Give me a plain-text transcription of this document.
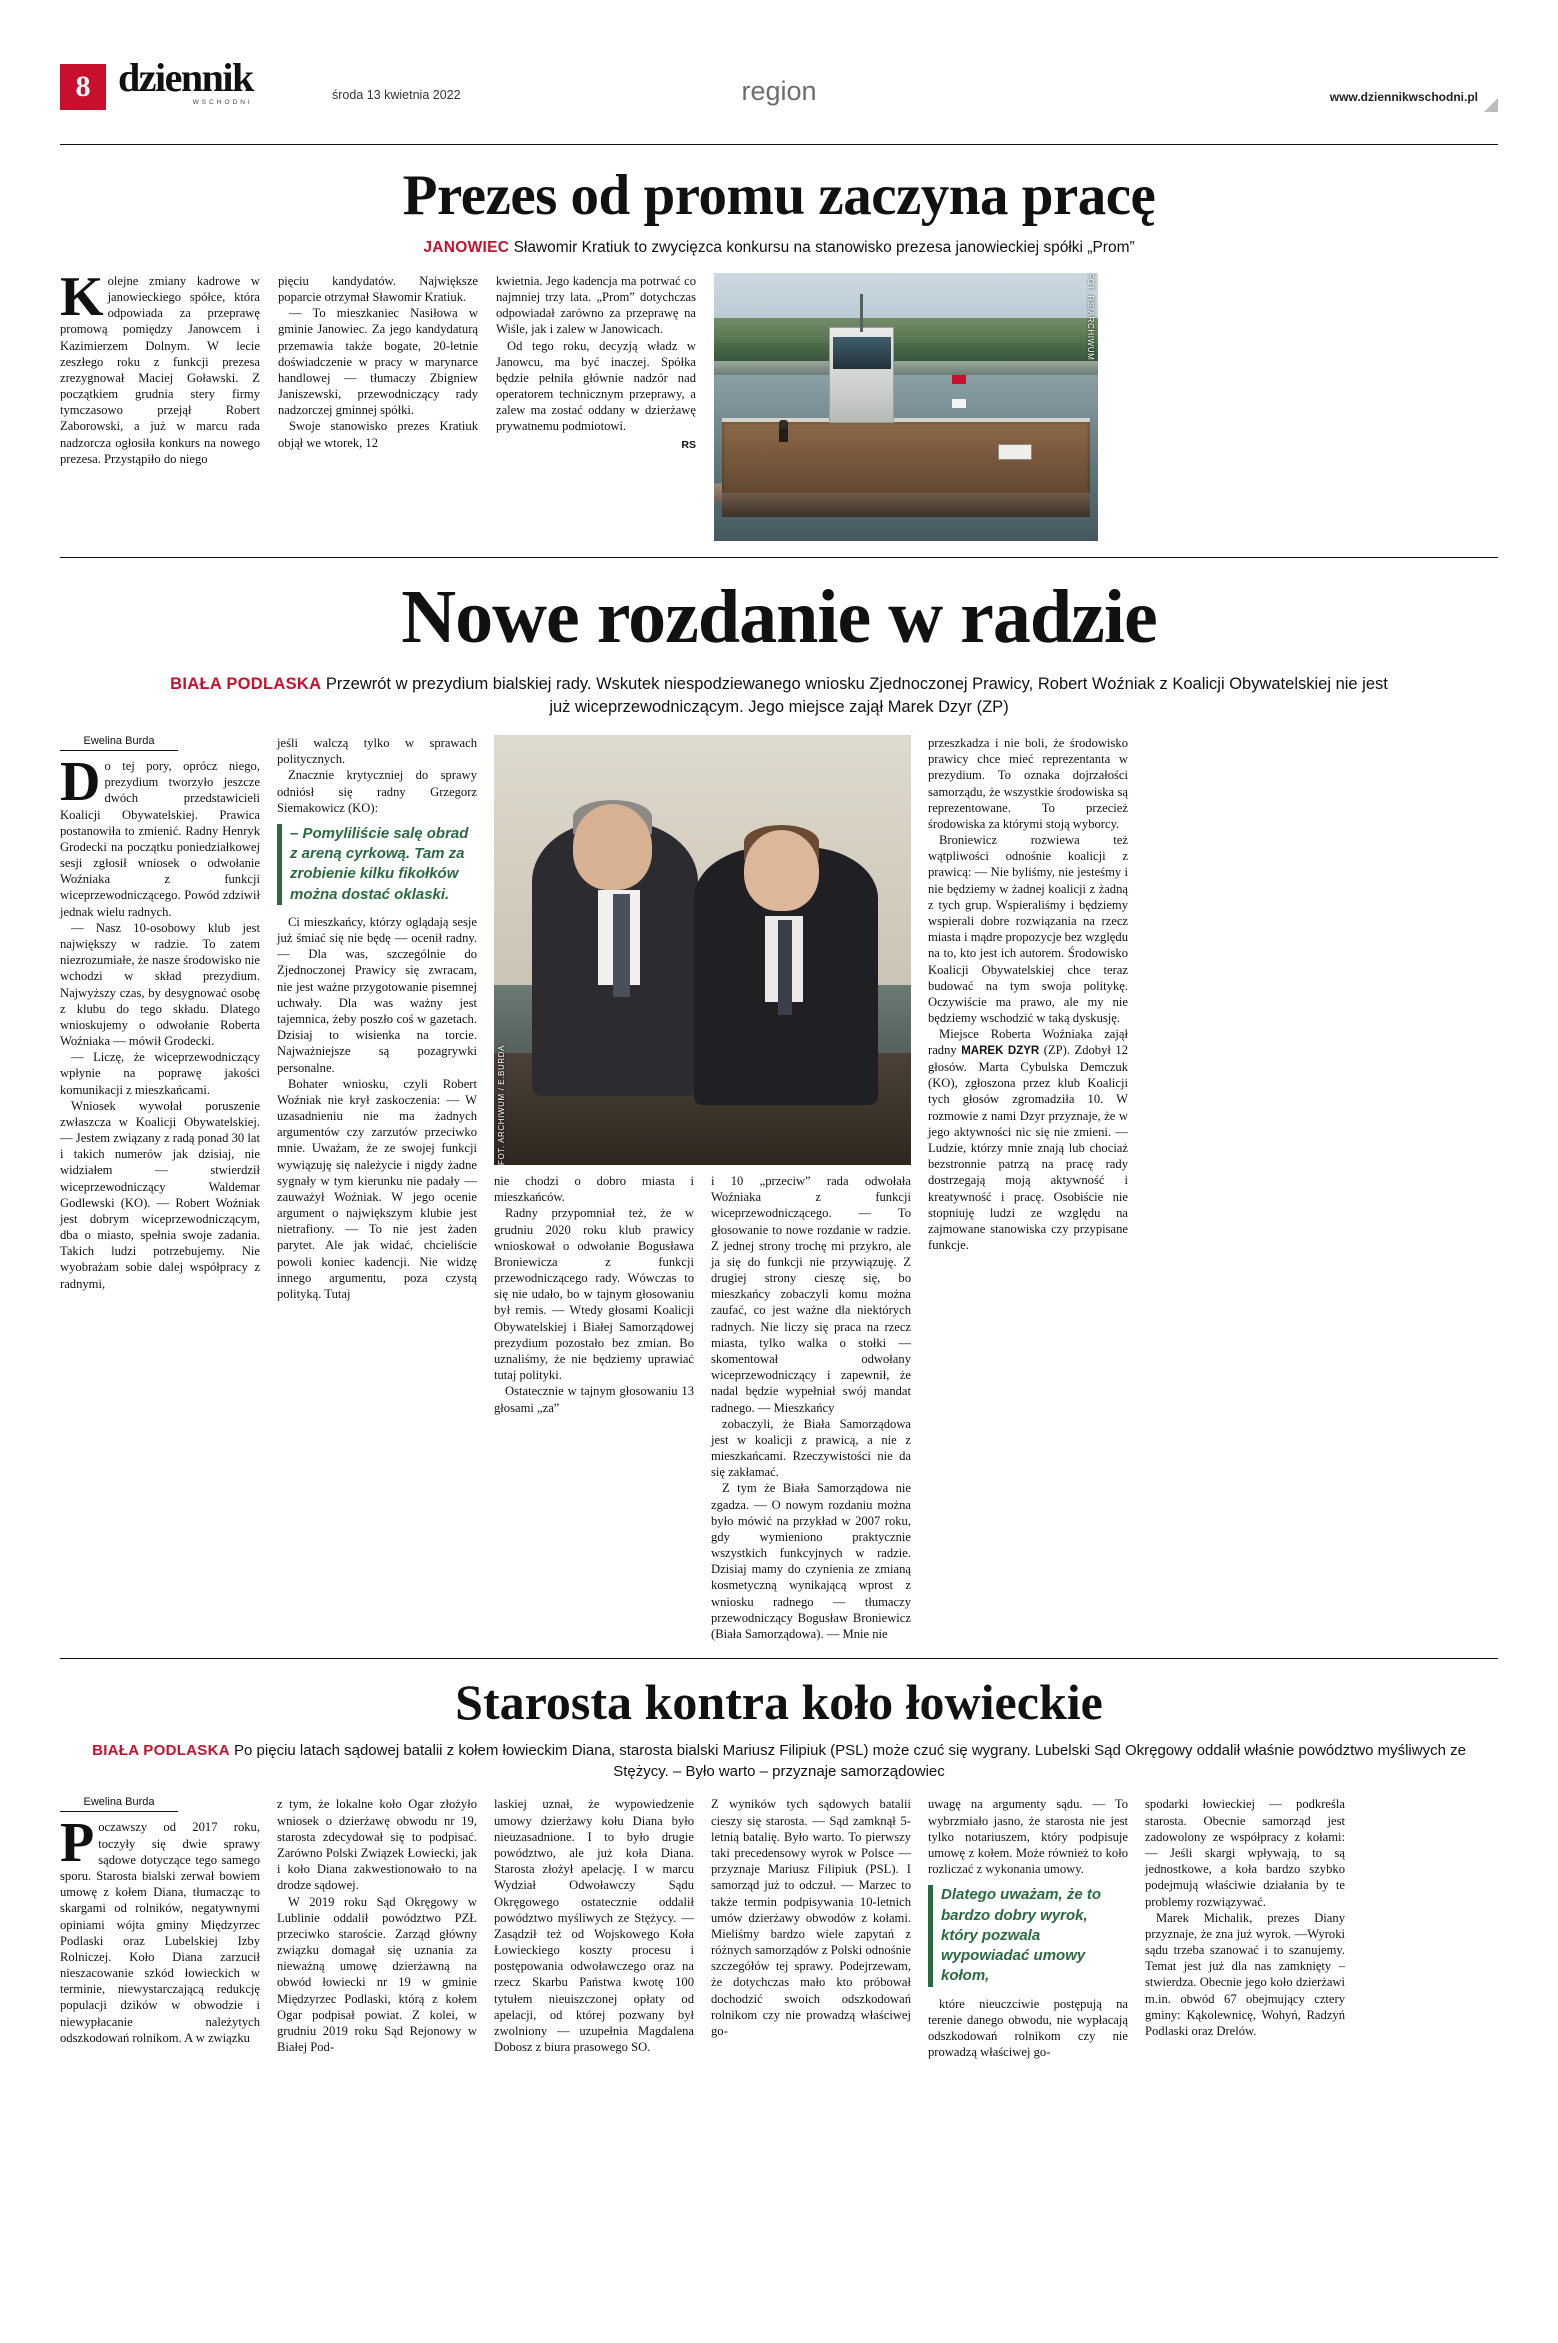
8 dziennik
WSCHODNI
środa 13 kwietnia 2022	region	www.dziennikwschodni.pl
Prezes od promu zaczyna pracę
JANOWIEC Sławomir Kratiuk to zwycięzca konkursu na stanowisko prezesa janowieckiej spółki „Prom”

Kolejne zmiany kadrowe w janowieckiego spółce, która odpowiada za przeprawę promową pomiędzy Janowcem i Kazimierzem Dolnym. W lecie zeszłego roku z funkcji prezesa zrezygnował Maciej Goławski. Z początkiem grudnia stery firmy tymczasowo przejął Robert Zaborowski, a już w marcu rada nadzorcza ogłosiła konkurs na nowego prezesa. Przystąpiło do niego

pięciu kandydatów. Największe poparcie otrzymał Sławomir Kratiuk.

— To mieszkaniec Nasiłowa w gminie Janowiec. Za jego kandydaturą przemawia także bogate, 20-letnie doświadczenie w pracy w marynarce handlowej — tłumaczy Zbigniew Janiszewski, przewodniczący rady nadzorczej gminnej spółki.

Swoje stanowisko prezes Kratiuk objął we wtorek, 12

kwietnia. Jego kadencja ma potrwać co najmniej trzy lata. „Prom” dotychczas odpowiadał zarówno za przeprawę na Wiśle, jak i zalew w Janowicach.

Od tego roku, decyzją władz w Janowcu, ma być inaczej. Spółka będzie pełniła głównie nadzór nad operatorem technicznym przeprawy, a zalew ma zostać oddany w dzierżawę prywatnemu podmiotowi.

RS
FOT. RS/ARCHIWUM
Nowe rozdanie w radzie
BIAŁA PODLASKA Przewrót w prezydium bialskiej rady. Wskutek niespodziewanego wniosku Zjednoczonej Prawicy, Robert Woźniak z Koalicji Obywatelskiej nie jest już wiceprzewodniczącym. Jego miejsce zajął Marek Dzyr (ZP)
Ewelina Burda

Do tej pory, oprócz niego, prezydium tworzyło jeszcze dwóch przedstawicieli Koalicji Obywatelskiej. Prawica postanowiła to zmienić. Radny Henryk Grodecki na początku poniedziałkowej sesji zgłosił wniosek o odwołanie Woźniaka z funkcji wiceprzewodniczącego. Powód zdziwił jednak wielu radnych.

— Nasz 10-osobowy klub jest największy w radzie. To zatem niezrozumiałe, że nasze środowisko nie wchodzi w skład prezydium. Najwyższy czas, by desygnować osobę z klubu do tego składu. Dlatego wnioskujemy o odwołanie Roberta Woźniaka — mówił Grodecki.

— Liczę, że wiceprzewodniczący wpłynie na poprawę jakości komunikacji z mieszkańcami.

Wniosek wywołał poruszenie zwłaszcza w Koalicji Obywatelskiej. — Jestem związany z radą ponad 30 lat i takich numerów jak dzisiaj, nie widziałem — stwierdził wiceprzewodniczący Waldemar Godlewski (KO). — Robert Woźniak jest dobrym wiceprzewodniczącym, dba o miasto, spełnia swoje zadania. Takich ludzi potrzebujemy. Nie wyobrażam sobie dalej współpracy z radnymi,

jeśli walczą tylko w sprawach politycznych.

Znacznie krytyczniej do sprawy odniósł się radny Grzegorz Siemakowicz (KO):

– Pomyliliście salę obrad z areną cyrkową. Tam za zrobienie kilku fikołków można dostać oklaski.

Ci mieszkańcy, którzy oglądają sesje już śmiać się nie będę — ocenił radny. — Dla was, szczególnie do Zjednoczonej Prawicy się zwracam, nie jest ważne przygotowanie pisemnej uchwały. Dla was ważny jest tajemnica, żeby poszło coś w gazetach. Dzisiaj to wisienka na torcie. Najważniejsze są pozagrywki personalne.

Bohater wniosku, czyli Robert Woźniak nie krył zaskoczenia: — W uzasadnieniu nie ma żadnych argumentów czy zarzutów przeciwko mnie. Uważam, że ze swojej funkcji wywiązuję się należycie i nigdy żadne sygnały w tym kierunku nie padały — zauważył Woźniak. W jego ocenie argument o największym klubie jest nietrafiony. — To nie jest żaden parytet. Ale jak widać, chcieliście powoli koniec kadencji. Nie widzę innego argumentu, poza czystą polityką. Tutaj

FOT. ARCHIWUM / E.BURDA

nie chodzi o dobro miasta i mieszkańców.

Radny przypomniał też, że w grudniu 2020 roku klub prawicy wnioskował o odwołanie Bogusława Broniewicza z funkcji przewodniczącego rady. Wówczas to się nie udało, bo w tajnym głosowaniu był remis. — Wtedy głosami Koalicji Obywatelskiej i Białej Samorządowej prezydium pozostało bez zmian. Bo uznaliśmy, że nie będziemy uprawiać tutaj polityki.

Ostatecznie w tajnym głosowaniu 13 głosami „za”

i 10 „przeciw” rada odwołała Woźniaka z funkcji wiceprzewodniczącego. — To głosowanie to nowe rozdanie w radzie. Z jednej strony trochę mi przykro, ale ja się do funkcji nie przywiązuję. Z drugiej strony cieszę się, bo mieszkańcy zobaczyli komu można zaufać, co jest ważne dla niektórych radnych. Nie liczy się praca na rzecz miasta, tylko walka o stołki — skomentował odwołany wiceprzewodniczący i zapewnił, że nadal będzie wypełniał swój mandat radnego. — Mieszkańcy

zobaczyli, że Biała Samorządowa jest w koalicji z prawicą, a nie z mieszkańcami. Rzeczywistości nie da się zakłamać.

Z tym że Biała Samorządowa nie zgadza. — O nowym rozdaniu można było mówić na przykład w 2007 roku, gdy wymieniono praktycznie wszystkich funkcyjnych w radzie. Dzisiaj mamy do czynienia ze zmianą kosmetyczną wynikającą wprost z wniosku radnego — tłumaczy przewodniczący Bogusław Broniewicz (Biała Samorządowa). — Mnie nie

przeszkadza i nie boli, że środowisko prawicy chce mieć reprezentanta w prezydium. To oznaka dojrzałości samorządu, że wszystkie środowiska są reprezentowane. To przecież środowiska za którymi stoją wyborcy.

Broniewicz rozwiewa też wątpliwości odnośnie koalicji z prawicą: — Nie byliśmy, nie jesteśmy i nie będziemy w żadnej koalicji z żadną z tych grup. Wspieraliśmy i będziemy wspierali dobre rozwiązania na rzecz miasta i mądre propozycje bez względu na to, kto jest ich autorem. Środowisko Koalicji Obywatelskiej chce teraz budować na tym swoja politykę. Oczywiście ma prawo, ale my nie będziemy wschodzić w taką dyskusję.

Miejsce Roberta Woźniaka zajął radny MAREK DZYR (ZP). Zdobył 12 głosów. Marta Cybulska Demczuk (KO), zgłoszona przez klub Koalicji tych głosów zgromadziła 10. W rozmowie z nami Dzyr przyznaje, że w jego aktywności nic się nie zmieni. — Ludzie, którzy mnie znają lub chociaż bezstronnie patrzą na pracę rady dostrzegają moją aktywność i kreatywność i pracę. Osobiście nie stopniuję ludzi ze względu na zajmowane stanowiska czy przypisane funkcje.

Starosta kontra koło łowieckie
BIAŁA PODLASKA Po pięciu latach sądowej batalii z kołem łowieckim Diana, starosta bialski Mariusz Filipiuk (PSL) może czuć się wygrany. Lubelski Sąd Okręgowy oddalił właśnie powództwo myśliwych ze Stężycy. – Było warto – przyznaje samorządowiec
Ewelina Burda

Poczawszy od 2017 roku, toczyły się dwie sprawy sądowe dotyczące tego samego sporu. Starosta bialski zerwał bowiem umowę z kołem Diana, tłumacząc to skargami od rolników, negatywnymi opiniami wójta gminy Międzyrzec Podlaski oraz Lubelskiej Izby Rolniczej. Koło Diana zarzucił nieszacowanie szkód łowieckich w terminie, niewystarczającą redukcję populacji dzików w obwodzie i niewypłacanie należytych odszkodowań rolnikom. A w związku

z tym, że lokalne koło Ogar złożyło wniosek o dzierżawę obwodu nr 19, starosta zdecydował się to podpisać. Zarówno Polski Związek Łowiecki, jak i koło Diana zakwestionowało to na drodze sądowej.

W 2019 roku Sąd Okręgowy w Lublinie oddalił powództwo PZŁ przeciwko staroście. Zarząd główny związku domagał się uznania za nieważną umowę dzierżawną na obwód łowiecki nr 19 w gminie Międzyrzec Podlaski, którą z kołem Ogar podpisał powiat. Z kolei, w grudniu 2019 roku Sąd Rejonowy w Białej Pod-

laskiej uznał, że wypowiedzenie umowy dzierżawy kołu Diana było nieuzasadnione. I to było drugie powództwo, ale już koła Diana. Starosta złożył apelację. I w marcu Wydział Odwoławczy Sądu Okręgowego ostatecznie oddalił powództwo myśliwych ze Stężycy. — Zasądził też od Wojskowego Koła Łowieckiego koszty procesu i postępowania odwoławczego oraz na rzecz Skarbu Państwa kwotę 100 tytułem nieuiszczonej opłaty od apelacji, od której pozwany był zwolniony — uzupełnia Magdalena Dobosz z biura prasowego SO.

Z wyników tych sądowych batalii cieszy się starosta. — Sąd zamknął 5-letnią batalię. Było warto. To pierwszy taki precedensowy wyrok w Polsce — przyznaje Mariusz Filipiuk (PSL). I samorząd już to odczuł. — Marzec to także termin podpisywania 10-letnich umów dzierżawy obwodów z kołami. Mieliśmy bardzo wiele zapytań z różnych samorządów z Polski odnośnie szczegółów tej sprawy. Podejrzewam, że dotychczas mało kto próbował dochodzić swoich odszkodowań rolnikom czy nie prowadzą właściwej go-

uwagę na argumenty sądu. — To wybrzmiało jasno, że starosta nie jest tylko notariuszem, który podpisuje umowę z kołem. Może również to koło rozliczać z wykonania umowy.

Dlatego uważam, że to bardzo dobry wyrok, który pozwala wypowiadać umowy kołom,

które nieuczciwie postępują na terenie danego obwodu, nie wypłacają odszkodowań rolnikom czy nie prowadzą właściwej go-

spodarki łowieckiej — podkreśla starosta. Obecnie samorząd jest zadowolony ze współpracy z kołami: — Jeśli skargi wpływają, to są jednostkowe, a koła bardzo szybko podejmują właściwie działania by te problemy rozwiązywać.

Marek Michalik, prezes Diany przyznaje, że zna już wyrok. —Wyroki sądu trzeba szanować i to szanujemy. Temat jest już dla nas zamknięty – stwierdza. Obecnie jego koło dzierżawi m.in. obwód 67 obejmujący cztery gminy: Kąkolewnicę, Wohyń, Radzyń Podlaski oraz Drelów.
